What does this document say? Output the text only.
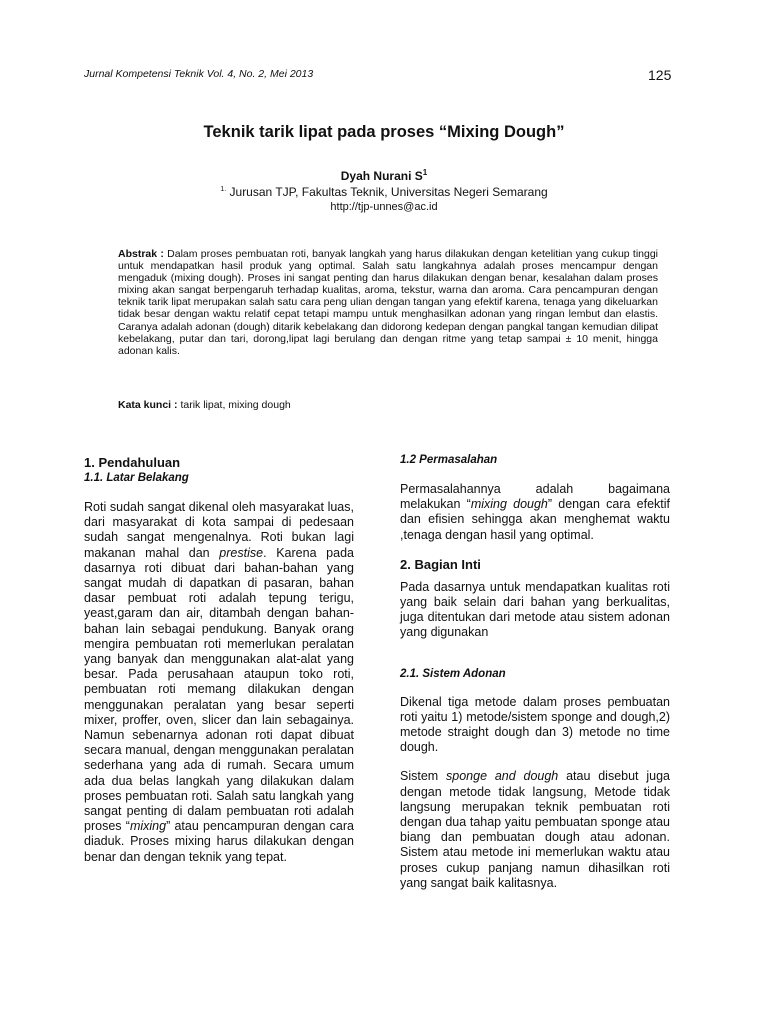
Jurnal Kompetensi Teknik Vol. 4, No. 2, Mei 2013	125
Teknik tarik lipat pada proses “Mixing Dough”
Dyah Nurani $S^1$
$^{1.}$ Jurusan TJP, Fakultas Teknik, Universitas Negeri Semarang
http://tjp-unnes@ac.id
Abstrak : Dalam proses pembuatan roti, banyak langkah yang harus dilakukan dengan ketelitian yang cukup tinggi untuk mendapatkan hasil produk yang optimal. Salah satu langkahnya adalah proses mencampur dengan mengaduk (mixing dough). Proses ini sangat penting dan harus dilakukan dengan benar, kesalahan dalam proses mixing akan sangat berpengaruh terhadap kualitas, aroma, tekstur, warna dan aroma. Cara pencampuran dengan teknik tarik lipat merupakan salah satu cara peng ulian dengan tangan yang efektif karena, tenaga yang dikeluarkan tidak besar dengan waktu relatif cepat tetapi mampu untuk menghasilkan adonan yang ringan lembut dan elastis. Caranya adalah adonan (dough) ditarik kebelakang dan didorong kedepan dengan pangkal tangan kemudian dilipat kebelakang, putar dan tari, dorong,lipat lagi berulang dan dengan ritme yang tetap sampai ± 10 menit, hingga adonan kalis.
Kata kunci : tarik lipat, mixing dough
1. Pendahuluan
1.1. Latar Belakang

Roti sudah sangat dikenal oleh masyarakat luas, dari masyarakat di kota sampai di pedesaan sudah sangat mengenalnya. Roti bukan lagi makanan mahal dan prestise. Karena pada dasarnya roti dibuat dari bahan-bahan yang sangat mudah di dapatkan di pasaran, bahan dasar pembuat roti adalah tepung terigu, yeast,garam dan air, ditambah dengan bahan-bahan lain sebagai pendukung. Banyak orang mengira pembuatan roti memerlukan peralatan yang banyak dan menggunakan alat-alat yang besar. Pada perusahaan ataupun toko roti, pembuatan roti memang dilakukan dengan menggunakan peralatan yang besar seperti mixer, proffer, oven, slicer dan lain sebagainya. Namun sebenarnya adonan roti dapat dibuat secara manual, dengan menggunakan peralatan sederhana yang ada di rumah. Secara umum ada dua belas langkah yang dilakukan dalam proses pembuatan roti. Salah satu langkah yang sangat penting di dalam pembuatan roti adalah proses “mixing” atau pencampuran dengan cara diaduk. Proses mixing harus dilakukan dengan benar dan dengan teknik yang tepat.

1.2 Permasalahan

Permasalahannya adalah bagaimana melakukan “mixing dough” dengan cara efektif dan efisien sehingga akan menghemat waktu ,tenaga dengan hasil yang optimal.

2. Bagian Inti

Pada dasarnya untuk mendapatkan kualitas roti yang baik selain dari bahan yang berkualitas, juga ditentukan dari metode atau sistem adonan yang digunakan

2.1. Sistem Adonan

Dikenal tiga metode dalam proses pembuatan roti yaitu 1) metode/sistem sponge and dough,2) metode straight dough dan 3) metode no time dough.

Sistem sponge and dough atau disebut juga dengan metode tidak langsung, Metode tidak langsung merupakan teknik pembuatan roti dengan dua tahap yaitu pembuatan sponge atau biang dan pembuatan dough atau adonan. Sistem atau metode ini memerlukan waktu atau proses cukup panjang namun dihasilkan roti yang sangat baik kalitasnya.
